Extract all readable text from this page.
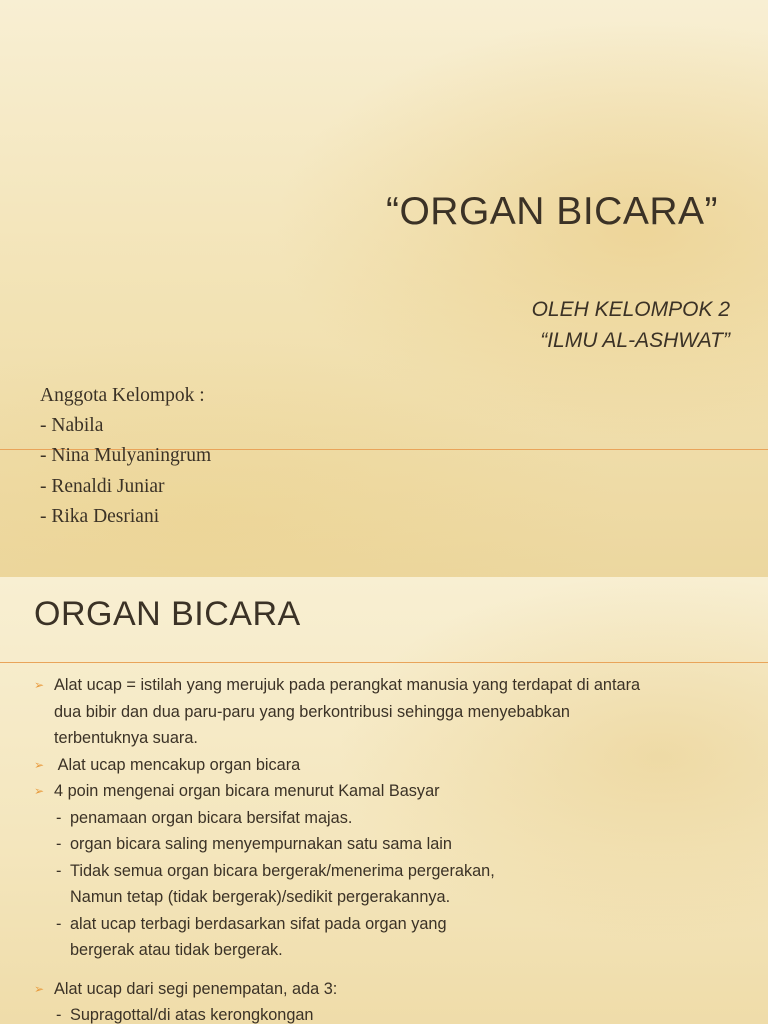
“ORGAN BICARA”
OLEH KELOMPOK 2
“ILMU AL-ASHWAT”
Anggota Kelompok :
- Nabila
- Nina Mulyaningrum
- Renaldi Juniar
- Rika Desriani
ORGAN BICARA
➢ Alat ucap = istilah yang merujuk pada perangkat manusia yang terdapat di antara
dua bibir dan dua paru-paru yang berkontribusi sehingga menyebabkan
terbentuknya suara.
➢ Alat ucap mencakup organ bicara
➢ 4 poin mengenai organ bicara menurut Kamal Basyar
- penamaan organ bicara bersifat majas.
- organ bicara saling menyempurnakan satu sama lain
- Tidak semua organ bicara bergerak/menerima pergerakan,
Namun tetap (tidak bergerak)/sedikit pergerakannya.
- alat ucap terbagi berdasarkan sifat pada organ yang
bergerak atau tidak bergerak.
➢ Alat ucap dari segi penempatan, ada 3:
- Supragottal/di atas kerongkongan
